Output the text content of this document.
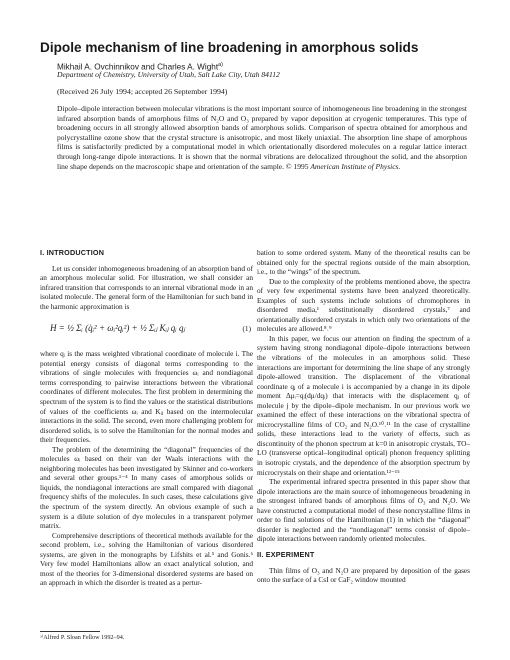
Dipole mechanism of line broadening in amorphous solids
Mikhail A. Ovchinnikov and Charles A. Wight$^{a)}$
Department of Chemistry, University of Utah, Salt Lake City, Utah 84112
(Received 26 July 1994; accepted 26 September 1994)
Dipole–dipole interaction between molecular vibrations is the most important source of inhomogeneous line broadening in the strongest infrared absorption bands of amorphous films of N₂O and O₃ prepared by vapor deposition at cryogenic temperatures. This type of broadening occurs in all strongly allowed absorption bands of amorphous solids. Comparison of spectra obtained for amorphous and polycrystalline ozone show that the crystal structure is anisotropic, and most likely uniaxial. The absorption line shape of amorphous films is satisfactorily predicted by a computational model in which orientationally disordered molecules on a regular lattice interact through long-range dipole interactions. It is shown that the normal vibrations are delocalized throughout the solid, and the absorption line shape depends on the macroscopic shape and orientation of the sample. © 1995 American Institute of Physics.
I. INTRODUCTION

Let us consider inhomogeneous broadening of an absorption band of an amorphous molecular solid. For illustration, we shall consider an infrared transition that corresponds to an internal vibrational mode in an isolated molecule. The general form of the Hamiltonian for such band in the harmonic approximation is

H = ½ Σᵢ (q̇ᵢ² + ωᵢ²qᵢ²) + ½ Σᵢⱼ Kᵢⱼ qᵢ qⱼ	(1)

where qᵢ is the mass weighted vibrational coordinate of molecule i. The potential energy consists of diagonal terms corresponding to the vibrations of single molecules with frequencies ωᵢ and nondiagonal terms corresponding to pairwise interactions between the vibrational coordinates of different molecules. The first problem in determining the spectrum of the system is to find the values or the statistical distributions of values of the coefficients ωᵢ and Kᵢⱼ based on the intermolecular interactions in the solid. The second, even more challenging problem for disordered solids, is to solve the Hamiltonian for the normal modes and their frequencies.

The problem of the determining the “diagonal” frequencies of the molecules ωᵢ based on their van der Waals interactions with the neighboring molecules has been investigated by Skinner and co-workers and several other groups.¹⁻⁴ In many cases of amorphous solids or liquids, the nondiagonal interactions are small compared with diagonal frequency shifts of the molecules. In such cases, these calculations give the spectrum of the system directly. An obvious example of such a system is a dilute solution of dye molecules in a transparent polymer matrix.

Comprehensive descriptions of theoretical methods available for the second problem, i.e., solving the Hamiltonian of various disordered systems, are given in the monographs by Lifshits et al.⁵ and Gonis.⁶ Very few model Hamiltonians allow an exact analytical solution, and most of the theories for 3-dimensional disordered systems are based on an approach in which the disorder is treated as a pertur-

bation to some ordered system. Many of the theoretical results can be obtained only for the spectral regions outside of the main absorption, i.e., to the “wings” of the spectrum.

Due to the complexity of the problems mentioned above, the spectra of very few experimental systems have been analyzed theoretically. Examples of such systems include solutions of chromophores in disordered media,¹ substitutionally disordered crystals,⁷ and orientationally disordered crystals in which only two orientations of the molecules are allowed.⁸˒⁹

In this paper, we focus our attention on finding the spectrum of a system having strong nondiagonal dipole–dipole interactions between the vibrations of the molecules in an amorphous solid. These interactions are important for determining the line shape of any strongly dipole-allowed transition. The displacement of the vibrational coordinate qⱼ of a molecule i is accompanied by a change in its dipole moment Δμᵢ=qᵢ(dμ/dqᵢ) that interacts with the displacement qⱼ of molecule j by the dipole–dipole mechanism. In our previous work we examined the effect of these interactions on the vibrational spectra of microcrystalline films of CO₂ and N₂O.¹⁰˒¹¹ In the case of crystalline solids, these interactions lead to the variety of effects, such as discontinuity of the phonon spectrum at k=0 in anisotropic crystals, TO–LO (transverse optical–longitudinal optical) phonon frequency splitting in isotropic crystals, and the dependence of the absorption spectrum by microcrystals on their shape and orientation.¹²⁻¹⁵

The experimental infrared spectra presented in this paper show that dipole interactions are the main source of inhomogeneous broadening in the strongest infrared bands of amorphous films of O₃ and N₂O. We have constructed a computational model of these noncrystalline films in order to find solutions of the Hamiltonian (1) in which the “diagonal” disorder is neglected and the “nondiagonal” terms consist of dipole–dipole interactions between randomly oriented molecules.

II. EXPERIMENT

Thin films of O₃ and N₂O are prepared by deposition of the gases onto the surface of a CsI or CaF₂ window mounted

ᵃ⁾Alfred P. Sloan Fellow 1992–94.
